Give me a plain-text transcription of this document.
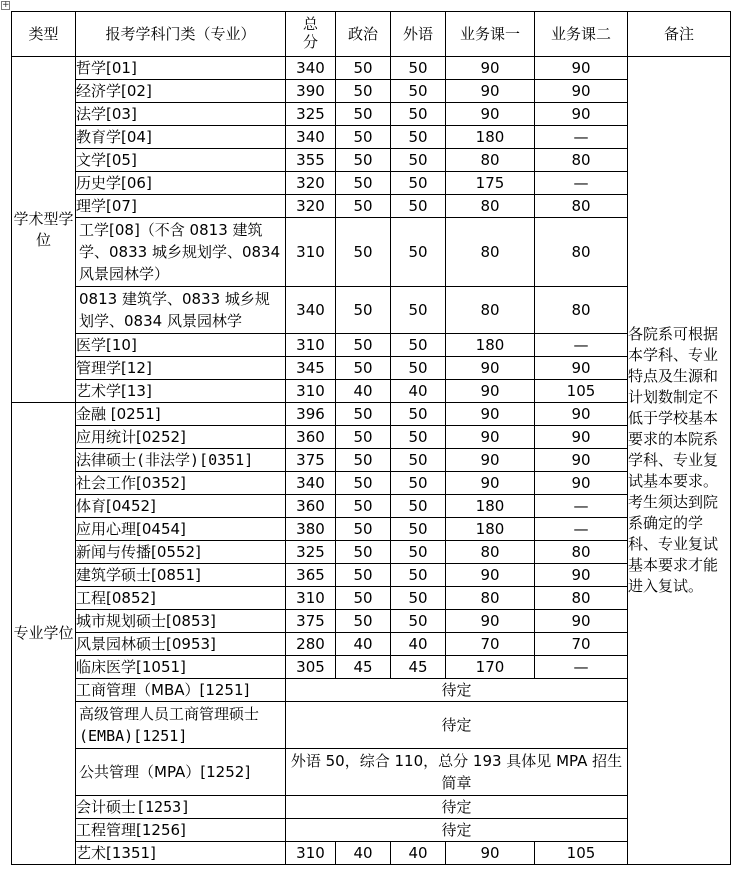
+
类型	报考学科门类（专业）	总分	政治	外语	业务课一	业务课二	备注
学术型学位	哲学[01]	340	50	50	90	90	各院系可根据本学科、专业特点及生源和计划数制定不低于学校基本要求的本院系学科、专业复试基本要求。考生须达到院系确定的学科、专业复试基本要求才能进入复试。
	经济学[02]	390	50	50	90	90	
	法学[03]	325	50	50	90	90	
	教育学[04]	340	50	50	180	—	
	文学[05]	355	50	50	80	80	
	历史学[06]	320	50	50	175	—	
	理学[07]	320	50	50	80	80	
	工学[08]（不含 0813 建筑学、0833 城乡规划学、0834 风景园林学）	310	50	50	80	80	
	0813 建筑学、0833 城乡规划学、0834 风景园林学	340	50	50	80	80	
	医学[10]	310	50	50	180	—	
	管理学[12]	345	50	50	90	90	
	艺术学[13]	310	40	40	90	105	
专业学位	金融 [0251]	396	50	50	90	90	
	应用统计[0252]	360	50	50	90	90	
	法律硕士(非法学)[0351]	375	50	50	90	90	
	社会工作[0352]	340	50	50	90	90	
	体育[0452]	360	50	50	180	—	
	应用心理[0454]	380	50	50	180	—	
	新闻与传播[0552]	325	50	50	80	80	
	建筑学硕士[0851]	365	50	50	90	90	
	工程[0852]	310	50	50	80	80	
	城市规划硕士[0853]	375	50	50	90	90	
	风景园林硕士[0953]	280	40	40	70	70	
	临床医学[1051]	305	45	45	170	—	
	工商管理（MBA）[1251]	待定					
	高级管理人员工商管理硕士(EMBA)[1251]	待定					
	公共管理（MPA）[1252]	外语 50，综合 110，总分 193 具体见 MPA 招生简章					
	会计硕士[1253]	待定					
	工程管理[1256]	待定					
	艺术[1351]	310	40	40	90	105	
